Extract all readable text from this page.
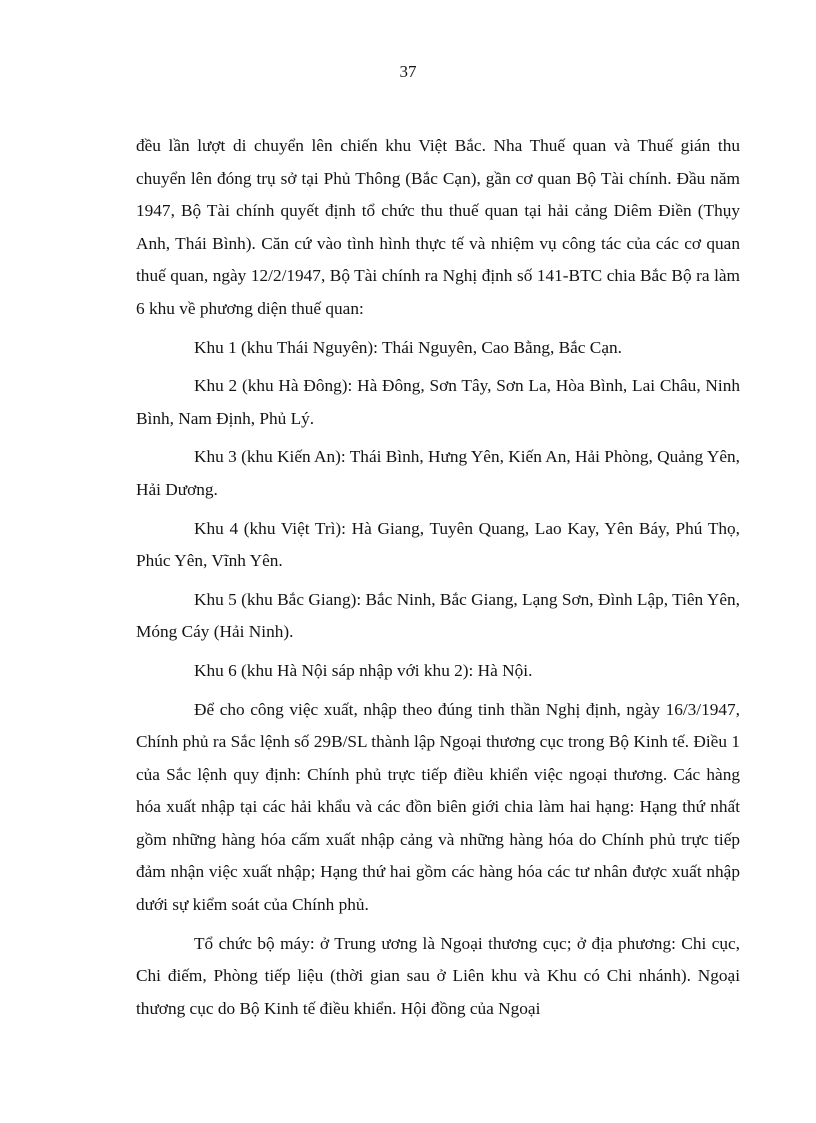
37

đều lần lượt di chuyển lên chiến khu Việt Bắc. Nha Thuế quan và Thuế gián thu chuyển lên đóng trụ sở tại Phủ Thông (Bắc Cạn), gần cơ quan Bộ Tài chính. Đầu năm 1947, Bộ Tài chính quyết định tổ chức thu thuế quan tại hải cảng Diêm Điền (Thụy Anh, Thái Bình). Căn cứ vào tình hình thực tế và nhiệm vụ công tác của các cơ quan thuế quan, ngày 12/2/1947, Bộ Tài chính ra Nghị định số 141-BTC chia Bắc Bộ ra làm 6 khu về phương diện thuế quan:

Khu 1 (khu Thái Nguyên): Thái Nguyên, Cao Bằng, Bắc Cạn.

Khu 2 (khu Hà Đông): Hà Đông, Sơn Tây, Sơn La, Hòa Bình, Lai Châu, Ninh Bình, Nam Định, Phủ Lý.

Khu 3 (khu Kiến An): Thái Bình, Hưng Yên, Kiến An, Hải Phòng, Quảng Yên, Hải Dương.

Khu 4 (khu Việt Trì): Hà Giang, Tuyên Quang, Lao Kay, Yên Báy, Phú Thọ, Phúc Yên, Vĩnh Yên.

Khu 5 (khu Bắc Giang): Bắc Ninh, Bắc Giang, Lạng Sơn, Đình Lập, Tiên Yên, Móng Cáy (Hải Ninh).

Khu 6 (khu Hà Nội sáp nhập với khu 2): Hà Nội.

Để cho công việc xuất, nhập theo đúng tinh thần Nghị định, ngày 16/3/1947, Chính phủ ra Sắc lệnh số 29B/SL thành lập Ngoại thương cục trong Bộ Kinh tế. Điều 1 của Sắc lệnh quy định: Chính phủ trực tiếp điều khiển việc ngoại thương. Các hàng hóa xuất nhập tại các hải khẩu và các đồn biên giới chia làm hai hạng: Hạng thứ nhất gồm những hàng hóa cấm xuất nhập cảng và những hàng hóa do Chính phủ trực tiếp đảm nhận việc xuất nhập; Hạng thứ hai gồm các hàng hóa các tư nhân được xuất nhập dưới sự kiểm soát của Chính phủ.

Tổ chức bộ máy: ở Trung ương là Ngoại thương cục; ở địa phương: Chi cục, Chi điếm, Phòng tiếp liệu (thời gian sau ở Liên khu và Khu có Chi nhánh). Ngoại thương cục do Bộ Kinh tế điều khiển. Hội đồng của Ngoại
